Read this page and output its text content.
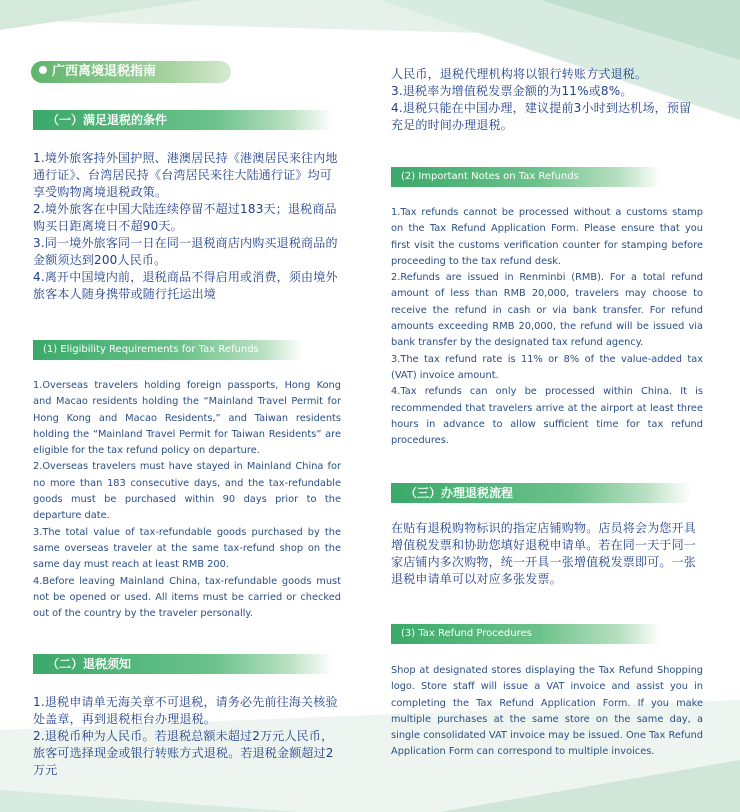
广西离境退税指南
（一）满足退税的条件

1.境外旅客持外国护照、港澳居民持《港澳居民来往内地通行证》、台湾居民持《台湾居民来往大陆通行证》均可享受购物离境退税政策。

2.境外旅客在中国大陆连续停留不超过183天；退税商品购买日距离境日不超90天。

3.同一境外旅客同一日在同一退税商店内购买退税商品的金额须达到200人民币。

4.离开中国境内前，退税商品不得启用或消费，须由境外旅客本人随身携带或随行托运出境

(1) Eligibility Requirements for Tax Refunds

1.Overseas travelers holding foreign passports, Hong Kong and Macao residents holding the “Mainland Travel Permit for Hong Kong and Macao Residents,” and Taiwan residents holding the “Mainland Travel Permit for Taiwan Residents” are eligible for the tax refund policy on departure.

2.Overseas travelers must have stayed in Mainland China for no more than 183 consecutive days, and the tax-refundable goods must be purchased within 90 days prior to the departure date.

3.The total value of tax-refundable goods purchased by the same overseas traveler at the same tax-refund shop on the same day must reach at least RMB 200.

4.Before leaving Mainland China, tax-refundable goods must not be opened or used. All items must be carried or checked out of the country by the traveler personally.

（二）退税须知

1.退税申请单无海关章不可退税，请务必先前往海关核验处盖章，再到退税柜台办理退税。

2.退税币种为人民币。若退税总额未超过2万元人民币，旅客可选择现金或银行转账方式退税。若退税金额超过2万元

人民币，退税代理机构将以银行转账方式退税。

3.退税率为增值税发票金额的为11%或8%。

4.退税只能在中国办理，建议提前3小时到达机场，预留充足的时间办理退税。

(2) Important Notes on Tax Refunds

1.Tax refunds cannot be processed without a customs stamp on the Tax Refund Application Form. Please ensure that you first visit the customs verification counter for stamping before proceeding to the tax refund desk.

2.Refunds are issued in Renminbi (RMB). For a total refund amount of less than RMB 20,000, travelers may choose to receive the refund in cash or via bank transfer. For refund amounts exceeding RMB 20,000, the refund will be issued via bank transfer by the designated tax refund agency.

3.The tax refund rate is 11% or 8% of the value-added tax (VAT) invoice amount.

4.Tax refunds can only be processed within China. It is recommended that travelers arrive at the airport at least three hours in advance to allow sufficient time for tax refund procedures.

（三）办理退税流程
在贴有退税购物标识的指定店铺购物。店员将会为您开具增值税发票和协助您填好退税申请单。若在同一天于同一家店铺内多次购物，统一开具一张增值税发票即可。一张退税申请单可以对应多张发票。
(3) Tax Refund Procedures
Shop at designated stores displaying the Tax Refund Shopping logo. Store staff will issue a VAT invoice and assist you in completing the Tax Refund Application Form. If you make multiple purchases at the same store on the same day, a single consolidated VAT invoice may be issued. One Tax Refund Application Form can correspond to multiple invoices.
